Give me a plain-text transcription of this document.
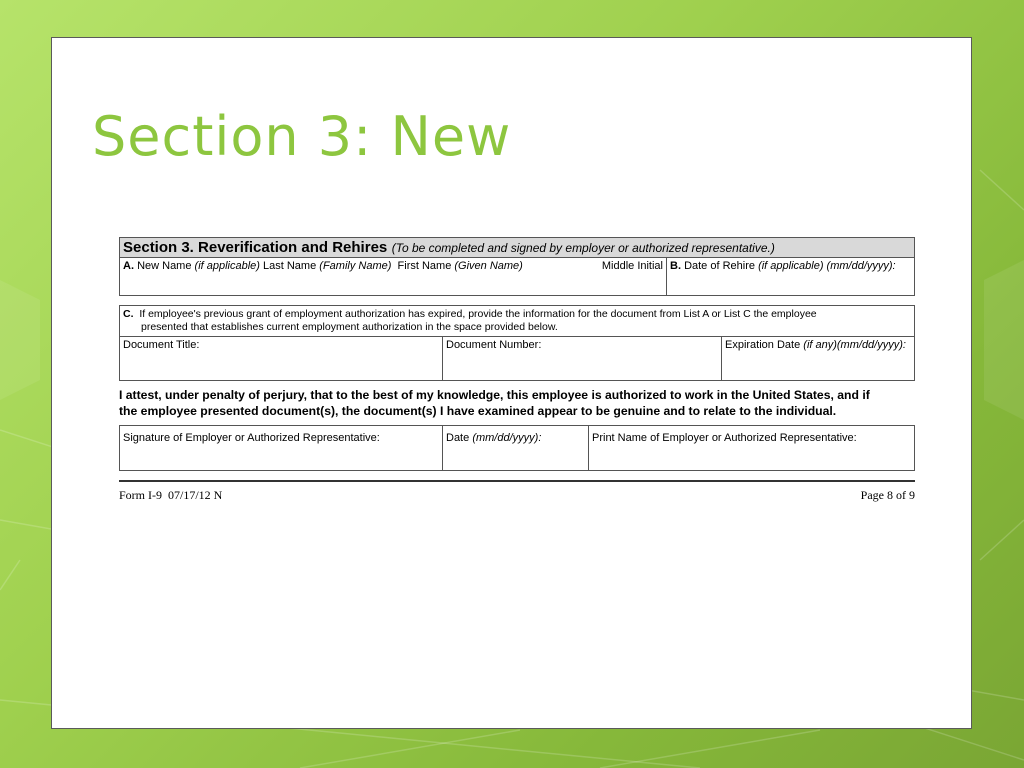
Section 3: New
Section 3. Reverification and Rehires (To be completed and signed by employer or authorized representative.)
A. New Name (if applicable) Last Name (Family Name) First Name (Given Name)	Middle Initial B. Date of Rehire (if applicable) (mm/dd/yyyy):
C. If employee's previous grant of employment authorization has expired, provide the information for the document from List A or List C the employee
presented that establishes current employment authorization in the space provided below.
Document Title:	Document Number:	Expiration Date (if any)(mm/dd/yyyy):
I attest, under penalty of perjury, that to the best of my knowledge, this employee is authorized to work in the United States, and if
the employee presented document(s), the document(s) I have examined appear to be genuine and to relate to the individual.
Signature of Employer or Authorized Representative:	Date (mm/dd/yyyy):	Print Name of Employer or Authorized Representative:
Form I-9  07/17/12 N	Page 8 of 9
